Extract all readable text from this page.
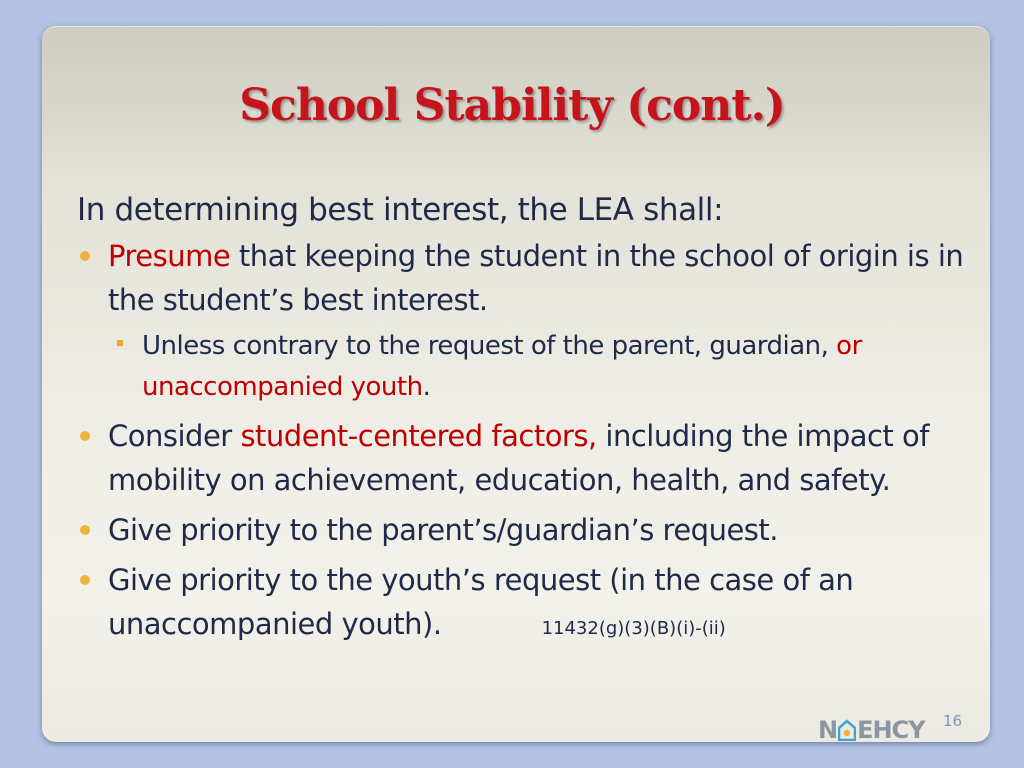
School Stability (cont.)

In determining best interest, the LEA shall:

Presume that keeping the student in the school of origin is in the student’s best interest.
Unless contrary to the request of the parent, guardian, or unaccompanied youth.
Consider student-centered factors, including the impact of mobility on achievement, education, health, and safety.
Give priority to the parent’s/guardian’s request.
Give priority to the youth’s request (in the case of an unaccompanied youth).	11432(g)(3)(B)(i)-(ii)
N EHCY 16
